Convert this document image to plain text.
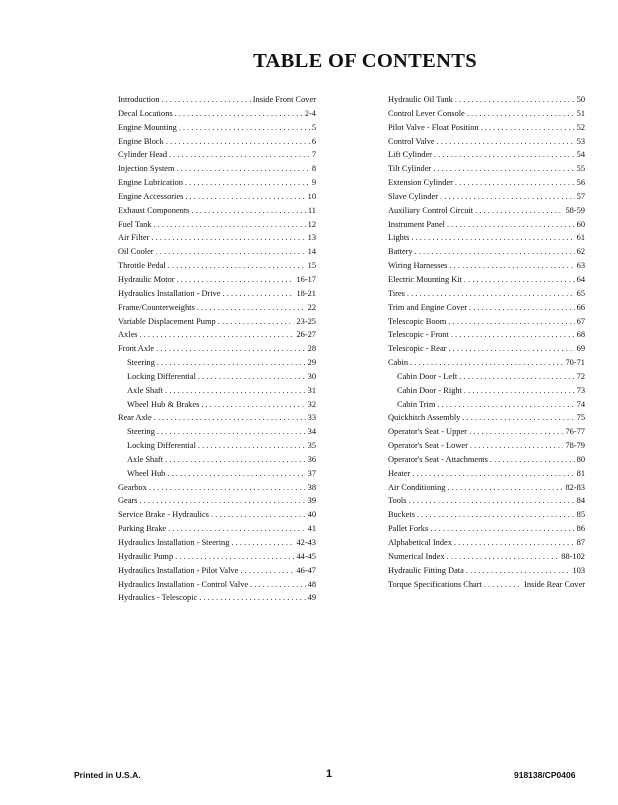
TABLE OF CONTENTS
Introduction . . .	Inside Front Cover
Decal Locations . . .	2-4
Engine Mounting . . .	5
Engine Block . . .	6
Cylinder Head . . .	7
Injection System . . .	8
Engine Lubrication . . .	9
Engine Accessories . . .	10
Exhaust Components . . .	11
Fuel Tank . . .	12
Air Filter . . .	13
Oil Cooler . . .	14
Throttle Pedal . . .	15
Hydraulic Motor . . .	16-17
Hydraulics Installation - Drive . . .	18-21
Frame/Counterweights . . .	22
Variable Displacement Pump . . .	23-25
Axles . . .	26-27
Front Axle . . .	28
Steering . . .	29
Locking Differential . . .	30
Axle Shaft . . .	31
Wheel Hub & Brakes . . .	32
Rear Axle . . .	33
Steering . . .	34
Locking Differential . . .	35
Axle Shaft . . .	36
Wheel Hub . . .	37
Gearbox . . .	38
Gears . . .	39
Service Brake - Hydraulics . . .	40
Parking Brake . . .	41
Hydraulics Installation - Steering . . .	42-43
Hydraulic Pump . . .	44-45
Hydraulics Installation - Pilot Valve . . .	46-47
Hydraulics Installation - Control Valve . . .	48
Hydraulics - Telescopic . . .	49
Hydraulic Oil Tank . . .	50
Control Lever Console . . .	51
Pilot Valve - Float Position . . .	52
Control Valve . . .	53
Lift Cylinder . . .	54
Tilt Cylinder . . .	55
Extension Cylinder . . .	56
Slave Cylinder . . .	57
Auxiliary Control Circuit . . .	58-59
Instrument Panel . . .	60
Lights . . .	61
Battery . . .	62
Wiring Harnesses . . .	63
Electric Mounting Kit . . .	64
Tires . . .	65
Trim and Engine Cover . . .	66
Telescopic Boom . . .	67
Telescopic - Front . . .	68
Telescopic - Rear . . .	69
Cabin . . .	70-71
Cabin Door - Left . . .	72
Cabin Door - Right . . .	73
Cabin Trim . . .	74
Quickhitch Assembly . . .	75
Operator's Seat - Upper . . .	76-77
Operator's Seat - Lower . . .	78-79
Operator's Seat - Attachments . . .	80
Heater . . .	81
Air Conditioning . . .	82-83
Tools . . .	84
Buckets . . .	85
Pallet Forks . . .	86
Alphabetical Index . . .	87
Numerical Index . . .	88-102
Hydraulic Fitting Data . . .	103
Torque Specifications Chart . . .	Inside Rear Cover
Printed in U.S.A.	1	918138/CP0406
